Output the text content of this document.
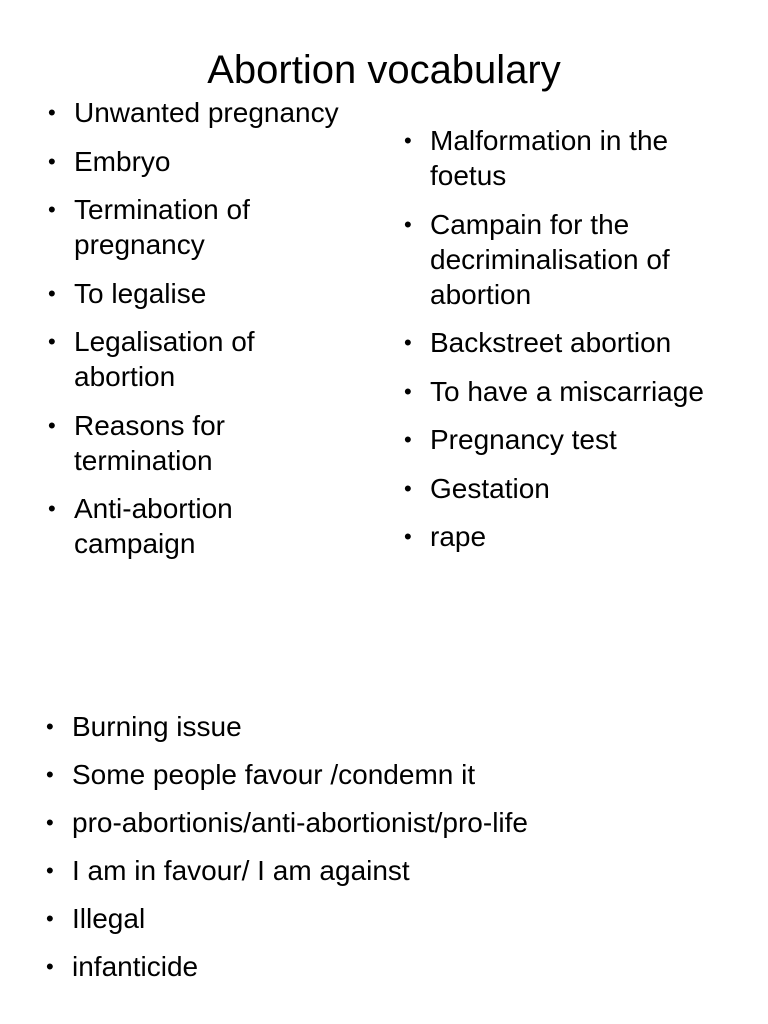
Abortion vocabulary
• Unwanted pregnancy
• Embryo
• Termination of pregnancy
• To legalise
• Legalisation of abortion
• Reasons for termination
• Anti-abortion campaign
• Malformation in the foetus
• Campain for the decriminalisation of abortion
• Backstreet abortion
• To have a miscarriage
• Pregnancy test
• Gestation
• rape
• Burning issue
• Some people favour /condemn it
• pro-abortionis/anti-abortionist/pro-life
• I am in favour/ I am against
• Illegal
• infanticide
